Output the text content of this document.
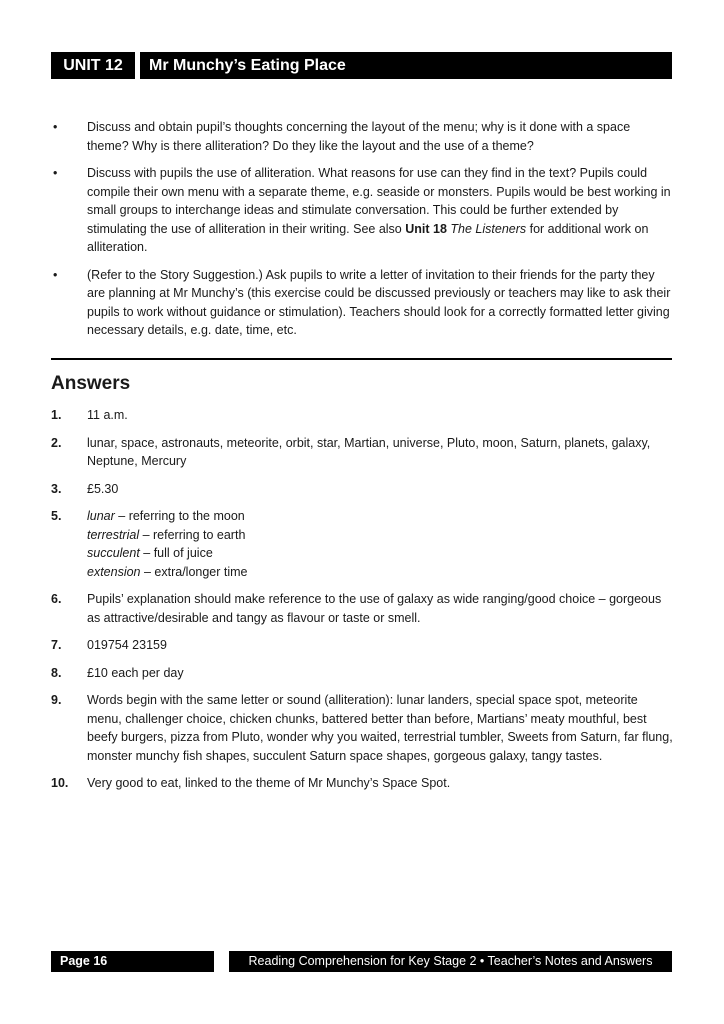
UNIT 12	Mr Munchy’s Eating Place
• Discuss and obtain pupil’s thoughts concerning the layout of the menu; why is it done with a space theme? Why is there alliteration? Do they like the layout and the use of a theme?
• Discuss with pupils the use of alliteration. What reasons for use can they find in the text? Pupils could compile their own menu with a separate theme, e.g. seaside or monsters. Pupils would be best working in small groups to interchange ideas and stimulate conversation. This could be further extended by stimulating the use of alliteration in their writing. See also Unit 18 The Listeners for additional work on alliteration.
• (Refer to the Story Suggestion.) Ask pupils to write a letter of invitation to their friends for the party they are planning at Mr Munchy’s (this exercise could be discussed previously or teachers may like to ask their pupils to work without guidance or stimulation). Teachers should look for a correctly formatted letter giving necessary details, e.g. date, time, etc.
Answers
1. 11 a.m.
2. lunar, space, astronauts, meteorite, orbit, star, Martian, universe, Pluto, moon, Saturn, planets, galaxy, Neptune, Mercury
3. £5.30
5. lunar – referring to the moon
terrestrial – referring to earth
succulent – full of juice
extension – extra/longer time
6. Pupils’ explanation should make reference to the use of galaxy as wide ranging/good choice – gorgeous as attractive/desirable and tangy as flavour or taste or smell.
7. 019754 23159
8. £10 each per day
9. Words begin with the same letter or sound (alliteration): lunar landers, special space spot, meteorite menu, challenger choice, chicken chunks, battered better than before, Martians’ meaty mouthful, best beefy burgers, pizza from Pluto, wonder why you waited, terrestrial tumbler, Sweets from Saturn, far flung, monster munchy fish shapes, succulent Saturn space shapes, gorgeous galaxy, tangy tastes.
10. Very good to eat, linked to the theme of Mr Munchy’s Space Spot.
Page 16	Reading Comprehension for Key Stage 2 • Teacher’s Notes and Answers
